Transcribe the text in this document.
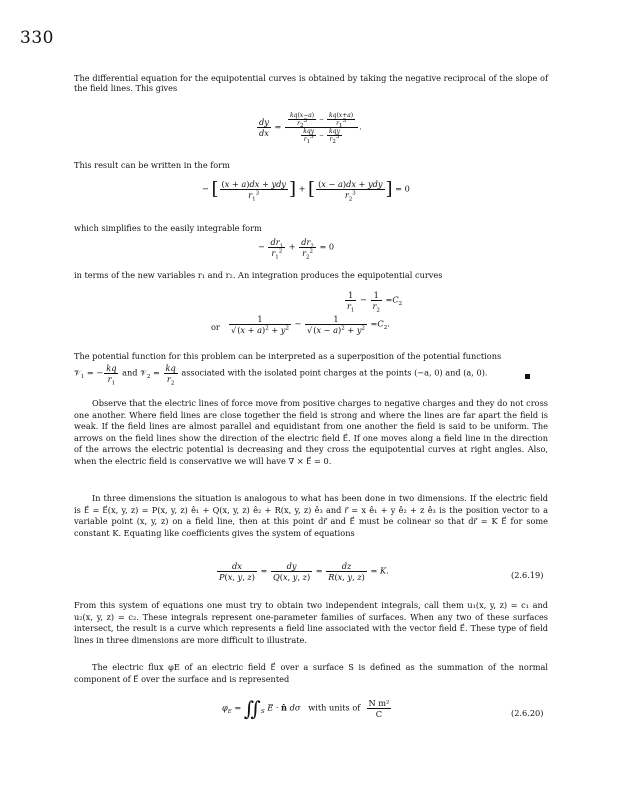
330
The differential equation for the equipotential curves is obtained by taking the negative reciprocal of the slope of the field lines. This gives
$\frac{dy}{dx} = \frac{\frac{kq(x-a)}{r_2^3} - \frac{kq(x+a)}{r_1^3}}{\frac{\text{kqy}}{r_1^3} - \frac{\text{kqy}}{r_2^3}}$ .
This result can be written in the form
− [ $\frac{\text{(x + a)dx + ydy}}{r_1^3}$ ] + [ $\frac{\text{(x − a)dx + ydy}}{r_2^3}$ ] = 0
which simplifies to the easily integrable form
− $\frac{dr_1}{r_1^2} + \frac{dr_2}{r_2^2} = 0$
in terms of the new variables r₁ and r₂. An integration produces the equipotential curves
$\frac{1}{r_1} - \frac{1}{r_2} =C_2$
or $\frac{1}{√(x + a)^2 + y^2} - \frac{1}{√(x - a)^2 + y^2} =C_2$.
The potential function for this problem can be interpreted as a superposition of the potential functions
𝒱$_1$ = − $\frac{kq}{r_1}$ and 𝒱$_2$ = $\frac{kq}{r_2}$ associated with the isolated point charges at the points (−a, 0) and (a, 0).
Observe that the electric lines of force move from positive charges to negative charges and they do not cross one another. Where field lines are close together the field is strong and where the lines are far apart the field is weak. If the field lines are almost parallel and equidistant from one another the field is said to be uniform. The arrows on the field lines show the direction of the electric field E⃗. If one moves along a field line in the direction of the arrows the electric potential is decreasing and they cross the equipotential curves at right angles. Also, when the electric field is conservative we will have ∇ × E⃗ = 0.
In three dimensions the situation is analogous to what has been done in two dimensions. If the electric field is E⃗ = E⃗(x, y, z) = P(x, y, z) ê₁ + Q(x, y, z) ê₂ + R(x, y, z) ê₃ and r⃗ = x ê₁ + y ê₂ + z ê₃ is the position vector to a variable point (x, y, z) on a field line, then at this point dr⃗ and E⃗ must be colinear so that dr⃗ = K E⃗ for some constant K. Equating like coefficients gives the system of equations
$\frac{dx}{P(x, y, z)} = \frac{dy}{Q(x, y, z)} = \frac{dz}{R(x, y, z)} = K$.	(2.6.19)
From this system of equations one must try to obtain two independent integrals, call them u₁(x, y, z) = c₁ and u₂(x, y, z) = c₂. These integrals represent one-parameter families of surfaces. When any two of these surfaces intersect, the result is a curve which represents a field line associated with the vector field E⃗. These type of field lines in three dimensions are more difficult to illustrate.
The electric flux φE of an electric field E⃗ over a surface S is defined as the summation of the normal component of E⃗ over the surface and is represented
$\varphi_E$ = $∬_S$ E⃗ · n̂ dσ with units of $\frac{\text{N m²}}{C}$	(2.6.20)
